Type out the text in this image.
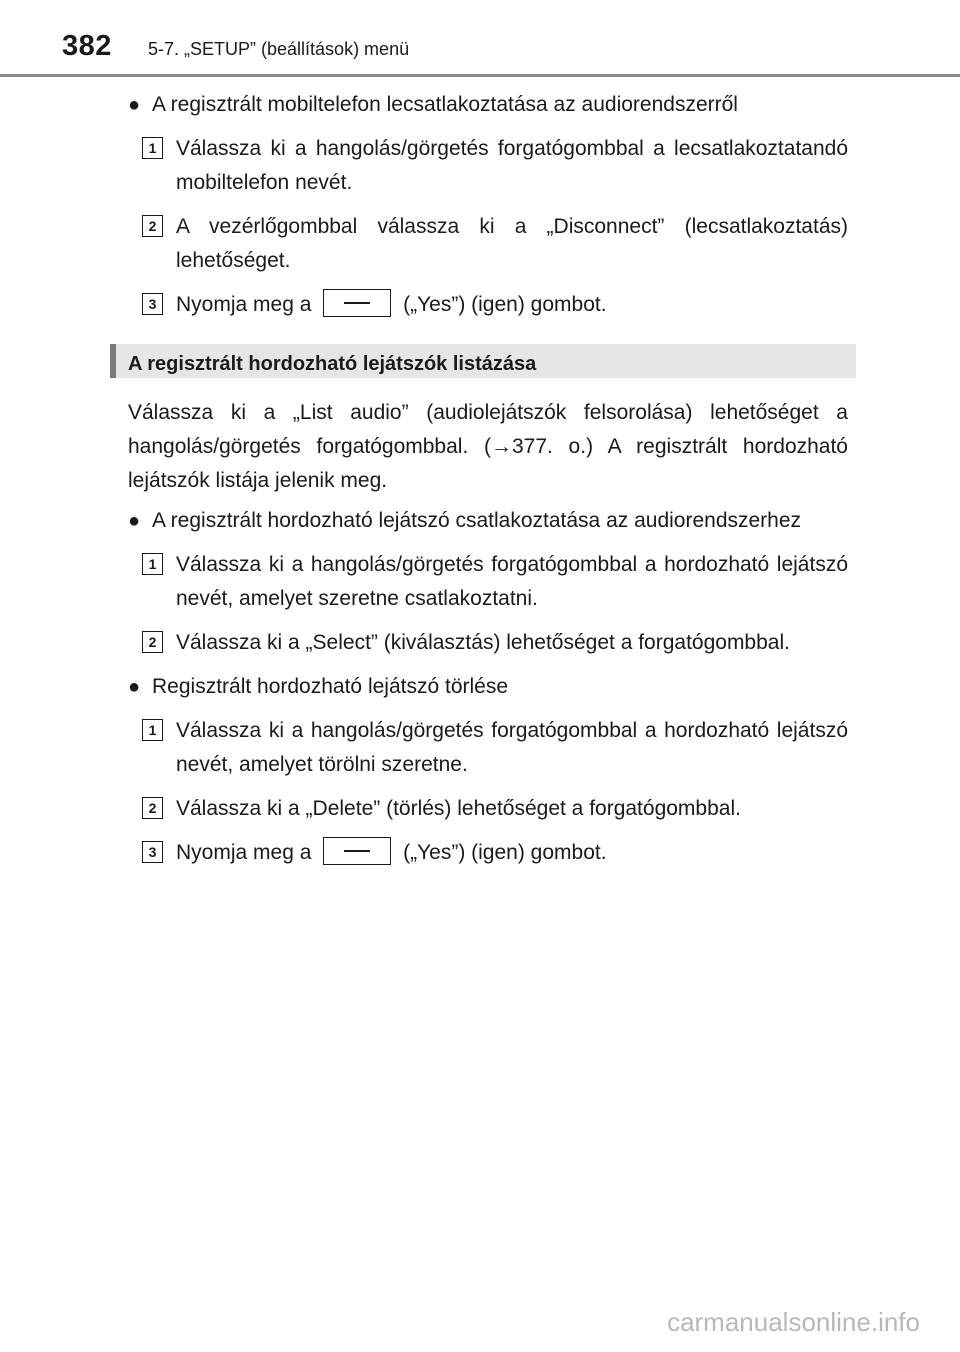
382 5-7. „SETUP” (beállítások) menü
● A regisztrált mobiltelefon lecsatlakoztatása az audiorendszerről
1 Válassza ki a hangolás/görgetés forgatógombbal a lecsatlakoztatandó mobiltelefon nevét.
2 A vezérlőgombbal válassza ki a „Disconnect” (lecsatlakoztatás) lehetőséget.
3 Nyomja meg a	(„Yes”) (igen) gombot.
A regisztrált hordozható lejátszók listázása
Válassza ki a „List audio” (audiolejátszók felsorolása) lehetőséget a hangolás/görgetés forgatógombbal. (→377. o.) A regisztrált hordozható lejátszók listája jelenik meg.
● A regisztrált hordozható lejátszó csatlakoztatása az audiorendszerhez
1 Válassza ki a hangolás/görgetés forgatógombbal a hordozható lejátszó nevét, amelyet szeretne csatlakoztatni.
2 Válassza ki a „Select” (kiválasztás) lehetőséget a forgatógombbal.
● Regisztrált hordozható lejátszó törlése
1 Válassza ki a hangolás/görgetés forgatógombbal a hordozható lejátszó nevét, amelyet törölni szeretne.
2 Válassza ki a „Delete” (törlés) lehetőséget a forgatógombbal.
3 Nyomja meg a	(„Yes”) (igen) gombot.
carmanualsonline.info
